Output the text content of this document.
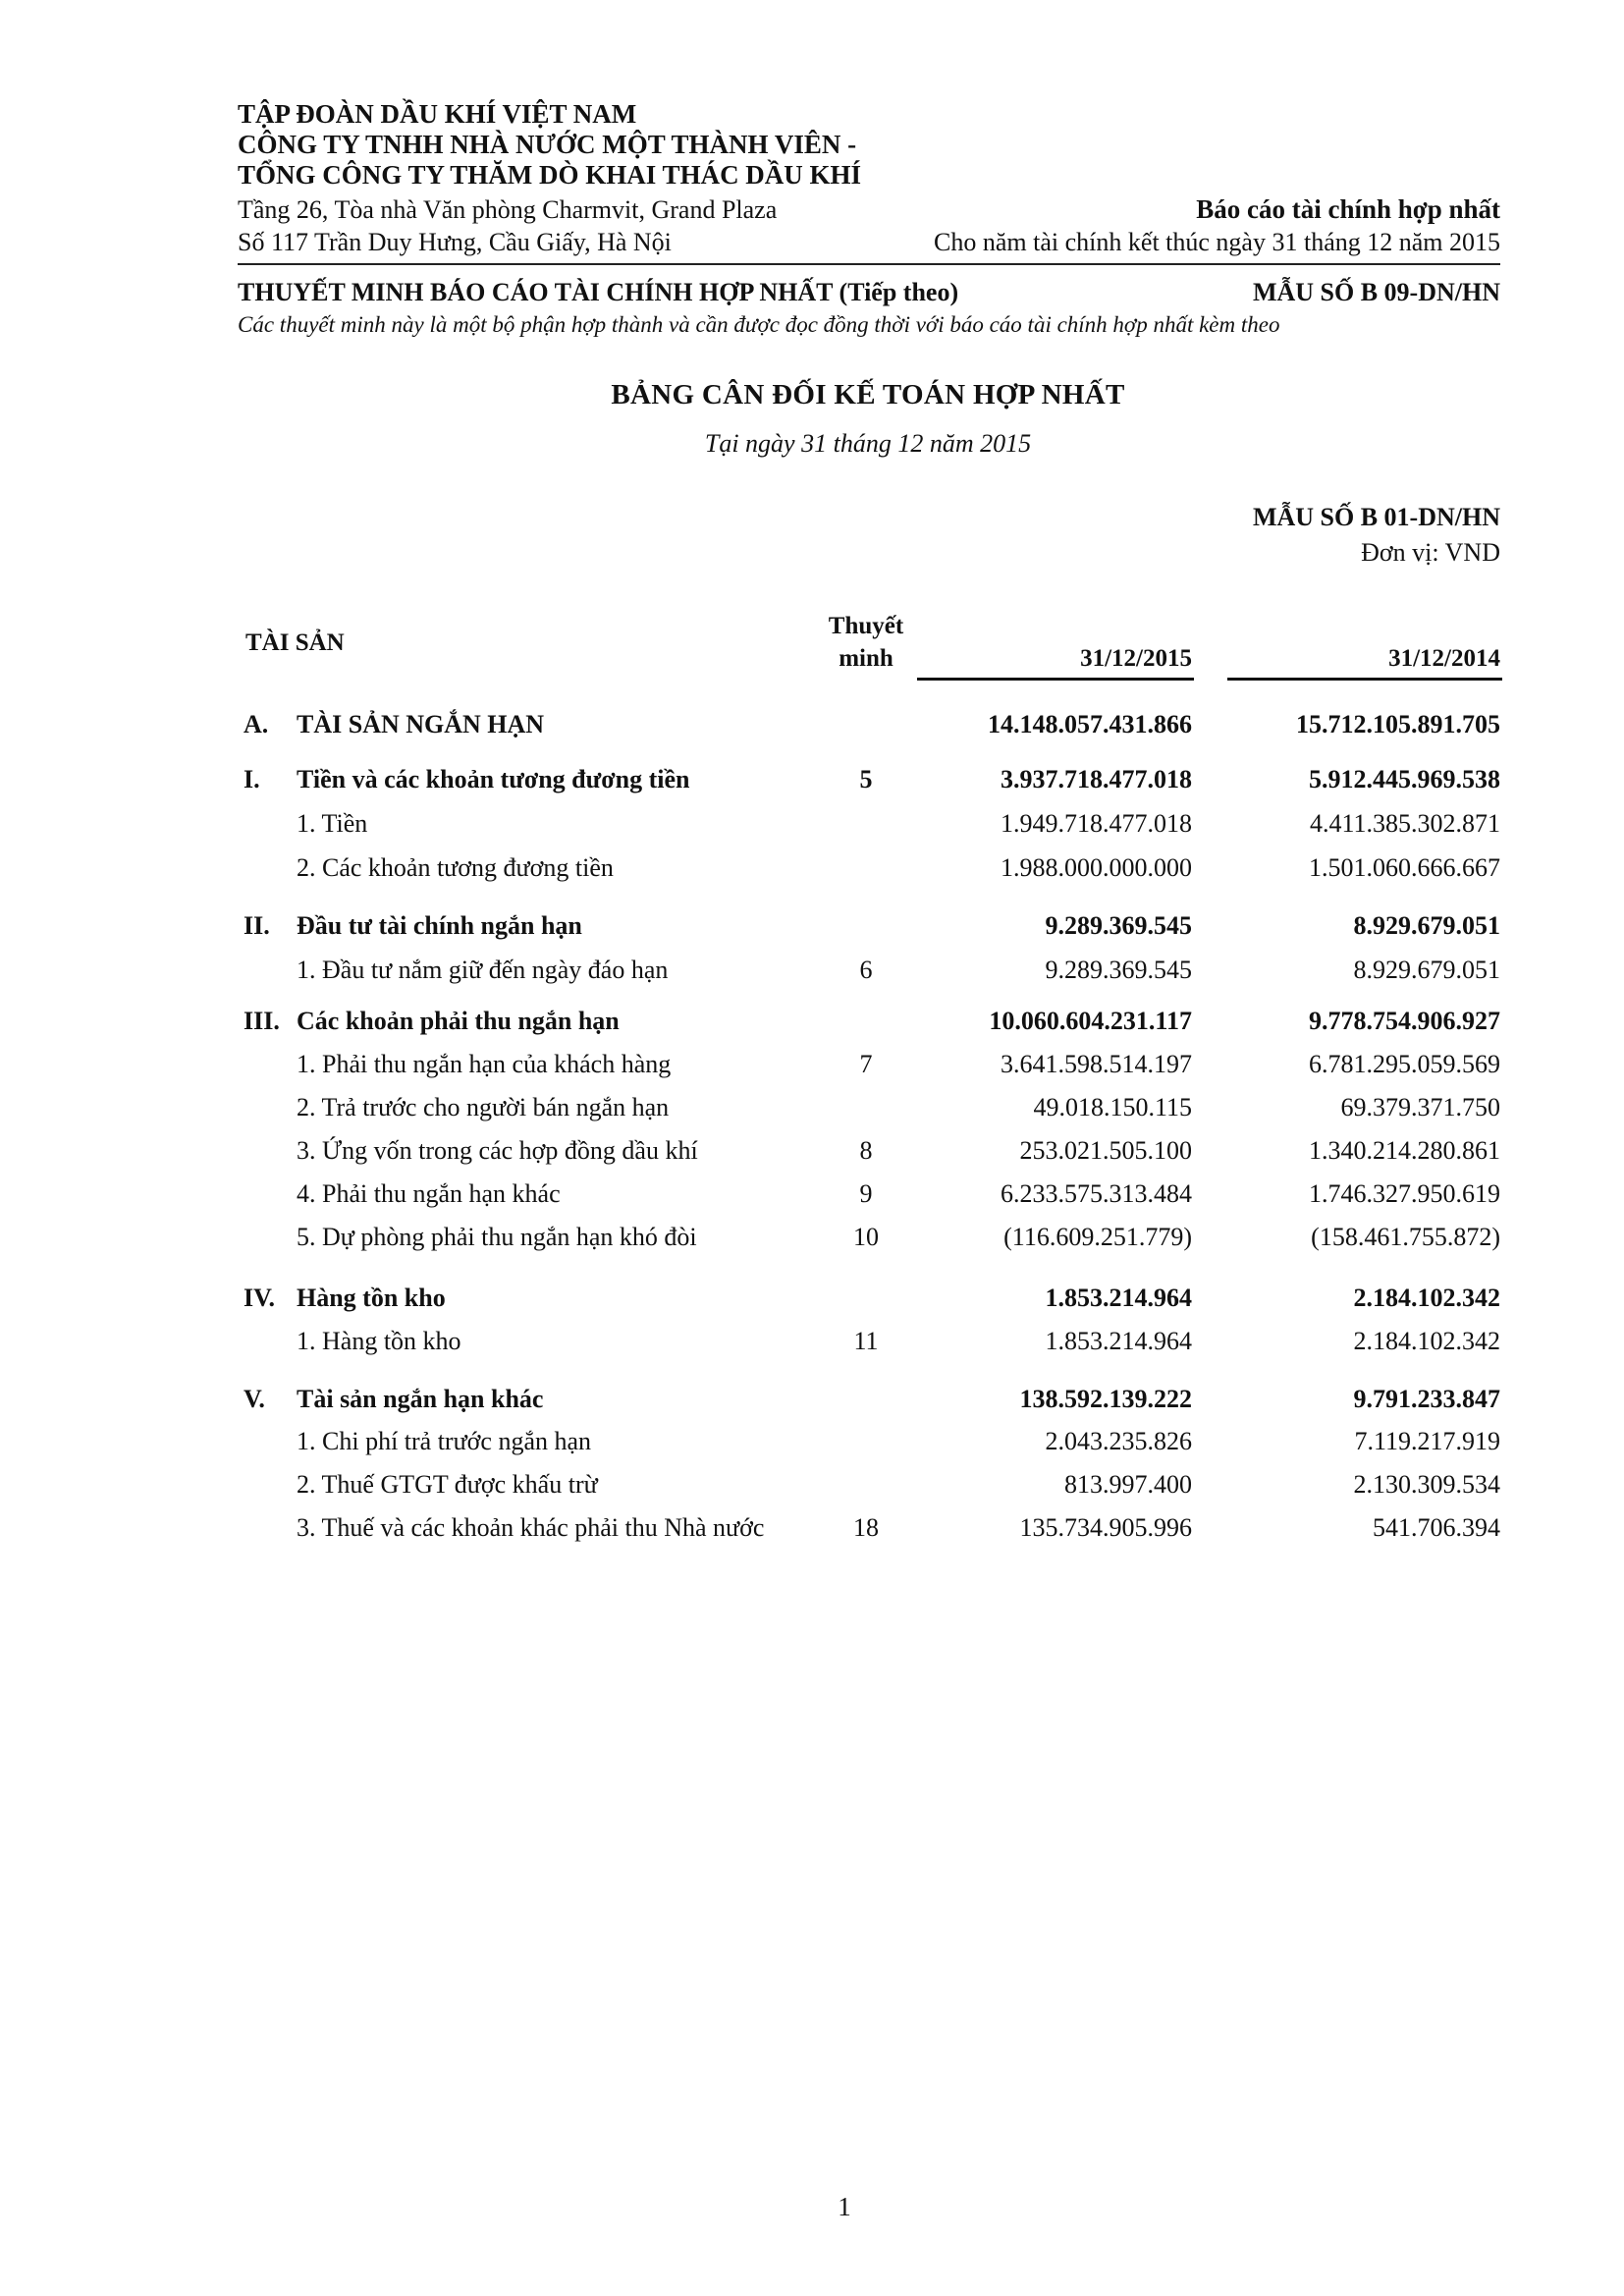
TẬP ĐOÀN DẦU KHÍ VIỆT NAM
CÔNG TY TNHH NHÀ NƯỚC MỘT THÀNH VIÊN -
TỔNG CÔNG TY THĂM DÒ KHAI THÁC DẦU KHÍ
Tầng 26, Tòa nhà Văn phòng Charmvit, Grand Plaza
Số 117 Trần Duy Hưng, Cầu Giấy, Hà Nội
Báo cáo tài chính hợp nhất
Cho năm tài chính kết thúc ngày 31 tháng 12 năm 2015
THUYẾT MINH BÁO CÁO TÀI CHÍNH HỢP NHẤT (Tiếp theo)	MẪU SỐ B 09-DN/HN
Các thuyết minh này là một bộ phận hợp thành và cần được đọc đồng thời với báo cáo tài chính hợp nhất kèm theo
BẢNG CÂN ĐỐI KẾ TOÁN HỢP NHẤT
Tại ngày 31 tháng 12 năm 2015
MẪU SỐ B 01-DN/HN
Đơn vị: VND
TÀI SẢN
Thuyết
minh	31/12/2015	31/12/2014
A. TÀI SẢN NGẮN HẠN	14.148.057.431.866	15.712.105.891.705
I. Tiền và các khoản tương đương tiền	5	3.937.718.477.018	5.912.445.969.538
1. Tiền	1.949.718.477.018	4.411.385.302.871
2. Các khoản tương đương tiền	1.988.000.000.000	1.501.060.666.667
II. Đầu tư tài chính ngắn hạn	9.289.369.545	8.929.679.051
1. Đầu tư nắm giữ đến ngày đáo hạn	6	9.289.369.545	8.929.679.051
III. Các khoản phải thu ngắn hạn	10.060.604.231.117	9.778.754.906.927
1. Phải thu ngắn hạn của khách hàng	7	3.641.598.514.197	6.781.295.059.569
2. Trả trước cho người bán ngắn hạn	49.018.150.115	69.379.371.750
3. Ứng vốn trong các hợp đồng dầu khí	8	253.021.505.100	1.340.214.280.861
4. Phải thu ngắn hạn khác	9	6.233.575.313.484	1.746.327.950.619
5. Dự phòng phải thu ngắn hạn khó đòi	10	(116.609.251.779)	(158.461.755.872)
IV. Hàng tồn kho	1.853.214.964	2.184.102.342
1. Hàng tồn kho	11	1.853.214.964	2.184.102.342
V. Tài sản ngắn hạn khác	138.592.139.222	9.791.233.847
1. Chi phí trả trước ngắn hạn	2.043.235.826	7.119.217.919
2. Thuế GTGT được khấu trừ	813.997.400	2.130.309.534
3. Thuế và các khoản khác phải thu Nhà nước	18	135.734.905.996	541.706.394
1
